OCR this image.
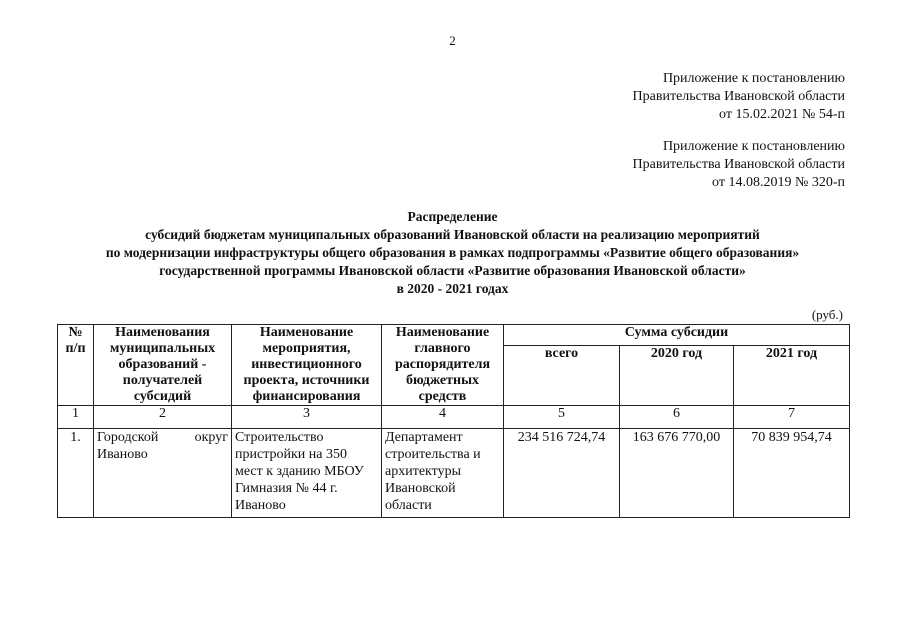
2
Приложение к постановлению
Правительства Ивановской области
от 15.02.2021 № 54-п
Приложение к постановлению
Правительства Ивановской области
от 14.08.2019 № 320-п
Распределение
субсидий бюджетам муниципальных образований Ивановской области на реализацию мероприятий
по модернизации инфраструктуры общего образования в рамках подпрограммы «Развитие общего образования»
государственной программы Ивановской области «Развитие образования Ивановской области»
в 2020 - 2021 годах
(руб.)
№ п/п	Наименования муниципальных образований - получателей субсидий	Наименование мероприятия, инвестиционного проекта, источники финансирования	Наименование главного распорядителя бюджетных средств	Сумма субсидии		
				всего	2020 год	2021 год
1	2	3	4	5	6	7
1.	Городской округ Иваново	Строительство пристройки на 350 мест к зданию МБОУ Гимназия № 44 г. Иваново	Департамент строительства и архитектуры Ивановской области	234 516 724,74	163 676 770,00	70 839 954,74
